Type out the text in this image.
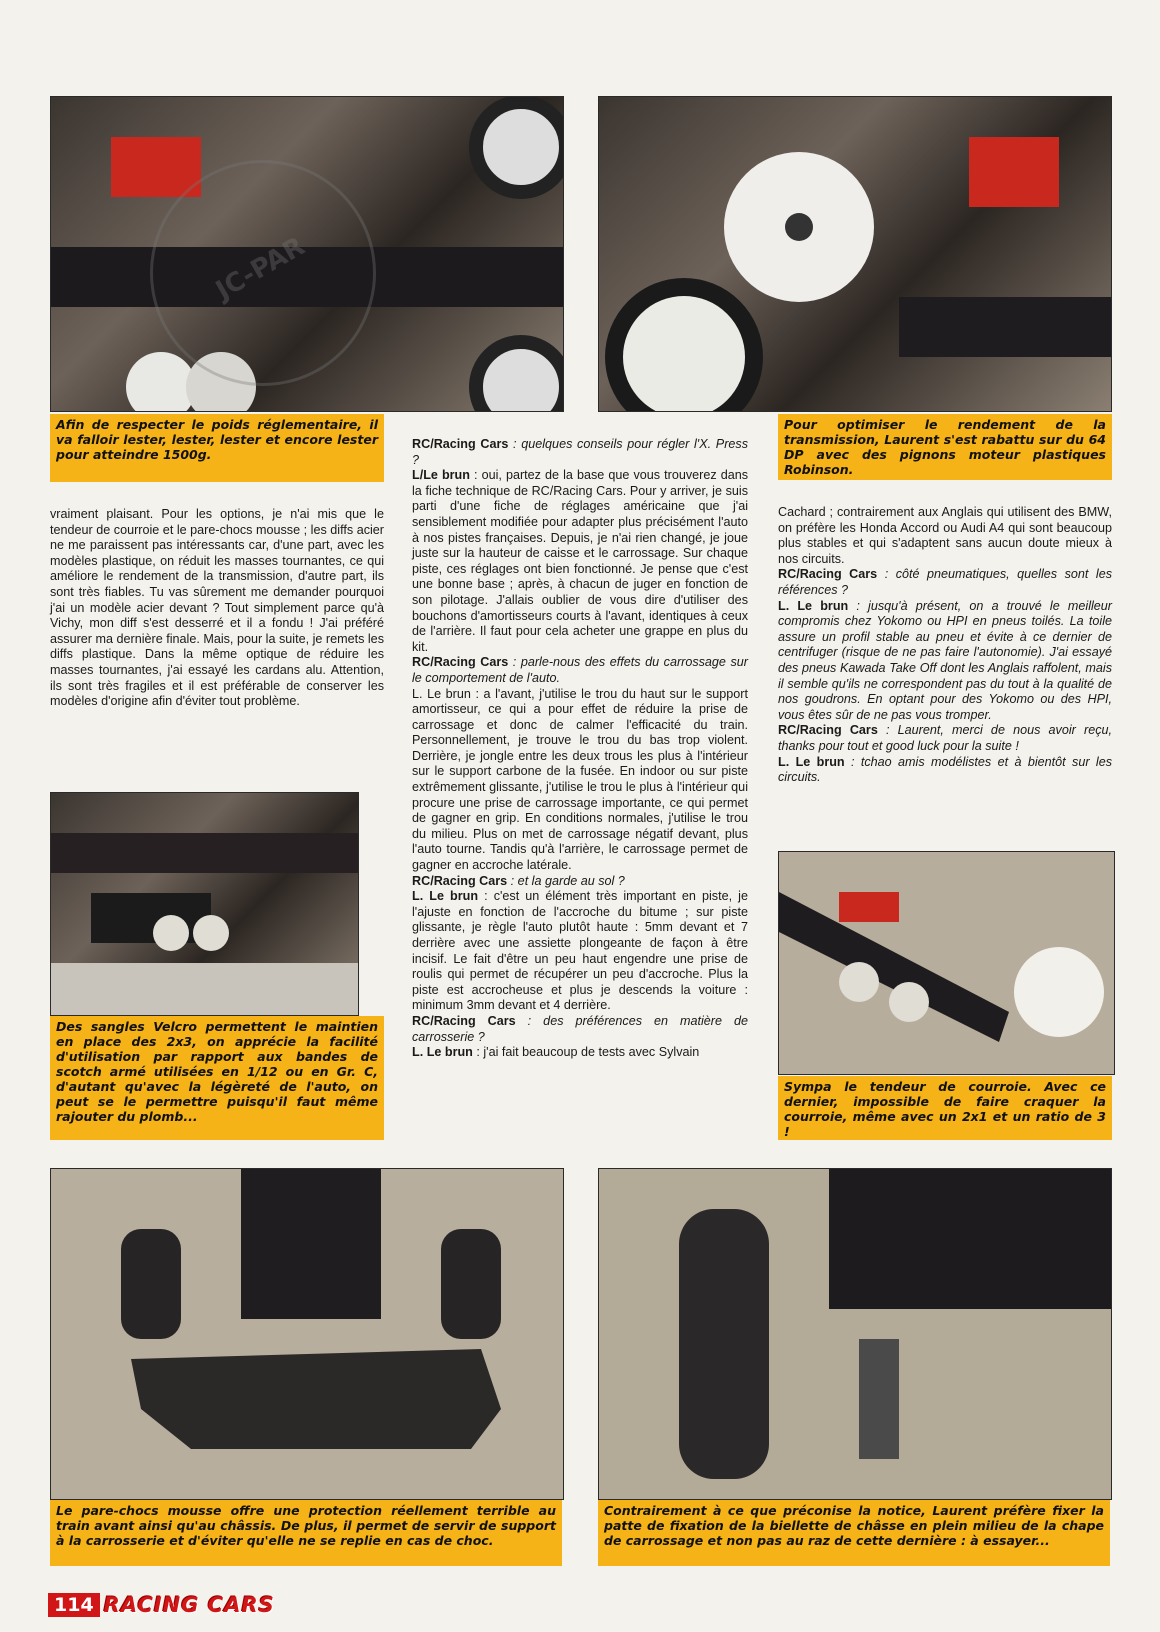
JC-PAR
Afin de respecter le poids réglementaire, il va falloir lester, lester, lester et encore lester pour atteindre 1500g.
Pour optimiser le rendement de la transmission, Laurent s'est rabattu sur du 64 DP avec des pignons moteur plastiques Robinson.
Des sangles Velcro permettent le maintien en place des 2x3, on apprécie la facilité d'utilisation par rapport aux bandes de scotch armé utilisées en 1/12 ou en Gr. C, d'autant qu'avec la légèreté de l'auto, on peut se le permettre puisqu'il faut même rajouter du plomb...
Sympa le tendeur de courroie. Avec ce dernier, impossible de faire craquer la courroie, même avec un 2x1 et un ratio de 3 !
Le pare-chocs mousse offre une protection réellement terrible au train avant ainsi qu'au châssis. De plus, il permet de servir de support à la carrosserie et d'éviter qu'elle ne se replie en cas de choc.
Contrairement à ce que préconise la notice, Laurent préfère fixer la patte de fixation de la biellette de châsse en plein milieu de la chape de carrossage et non pas au raz de cette dernière : à essayer...

vraiment plaisant. Pour les options, je n'ai mis que le tendeur de courroie et le pare-chocs mousse ; les diffs acier ne me paraissent pas intéressants car, d'une part, avec les modèles plastique, on réduit les masses tournantes, ce qui améliore le rendement de la transmission, d'autre part, ils sont très fiables. Tu vas sûrement me demander pourquoi j'ai un modèle acier devant ? Tout simplement parce qu'à Vichy, mon diff s'est desserré et il a fondu ! J'ai préféré assurer ma dernière finale. Mais, pour la suite, je remets les diffs plastique. Dans la même optique de réduire les masses tournantes, j'ai essayé les cardans alu. Attention, ils sont très fragiles et il est préférable de conserver les modèles d'origine afin d'éviter tout problème.

RC/Racing Cars : quelques conseils pour régler l'X. Press ?

L/Le brun : oui, partez de la base que vous trouverez dans la fiche technique de RC/Racing Cars. Pour y arriver, je suis parti d'une fiche de réglages américaine que j'ai sensiblement modifiée pour adapter plus précisément l'auto à nos pistes françaises. Depuis, je n'ai rien changé, je joue juste sur la hauteur de caisse et le carrossage. Sur chaque piste, ces réglages ont bien fonctionné. Je pense que c'est une bonne base ; après, à chacun de juger en fonction de son pilotage. J'allais oublier de vous dire d'utiliser des bouchons d'amortisseurs courts à l'avant, identiques à ceux de l'arrière. Il faut pour cela acheter une grappe en plus du kit.

RC/Racing Cars : parle-nous des effets du carrossage sur le comportement de l'auto.

L. Le brun : a l'avant, j'utilise le trou du haut sur le support amortisseur, ce qui a pour effet de réduire la prise de carrossage et donc de calmer l'efficacité du train. Personnellement, je trouve le trou du bas trop violent. Derrière, je jongle entre les deux trous les plus à l'intérieur sur le support carbone de la fusée. En indoor ou sur piste extrêmement glissante, j'utilise le trou le plus à l'intérieur qui procure une prise de carrossage importante, ce qui permet de gagner en grip. En conditions normales, j'utilise le trou du milieu. Plus on met de carrossage négatif devant, plus l'auto tourne. Tandis qu'à l'arrière, le carrossage permet de gagner en accroche latérale.

RC/Racing Cars : et la garde au sol ?

L. Le brun : c'est un élément très important en piste, je l'ajuste en fonction de l'accroche du bitume ; sur piste glissante, je règle l'auto plutôt haute : 5mm devant et 7 derrière avec une assiette plongeante de façon à être incisif. Le fait d'être un peu haut engendre une prise de roulis qui permet de récupérer un peu d'accroche. Plus la piste est accrocheuse et plus je descends la voiture : minimum 3mm devant et 4 derrière.

RC/Racing Cars : des préférences en matière de carrosserie ?

L. Le brun : j'ai fait beaucoup de tests avec Sylvain

Cachard ; contrairement aux Anglais qui utilisent des BMW, on préfère les Honda Accord ou Audi A4 qui sont beaucoup plus stables et qui s'adaptent sans aucun doute mieux à nos circuits.

RC/Racing Cars : côté pneumatiques, quelles sont les références ?

L. Le brun : jusqu'à présent, on a trouvé le meilleur compromis chez Yokomo ou HPI en pneus toilés. La toile assure un profil stable au pneu et évite à ce dernier de centrifuger (risque de ne pas faire l'autonomie). J'ai essayé des pneus Kawada Take Off dont les Anglais raffolent, mais il semble qu'ils ne correspondent pas du tout à la qualité de nos goudrons. En optant pour des Yokomo ou des HPI, vous êtes sûr de ne pas vous tromper.

RC/Racing Cars : Laurent, merci de nous avoir reçu, thanks pour tout et good luck pour la suite !

L. Le brun : tchao amis modélistes et à bientôt sur les circuits.

114 RACING CARS
